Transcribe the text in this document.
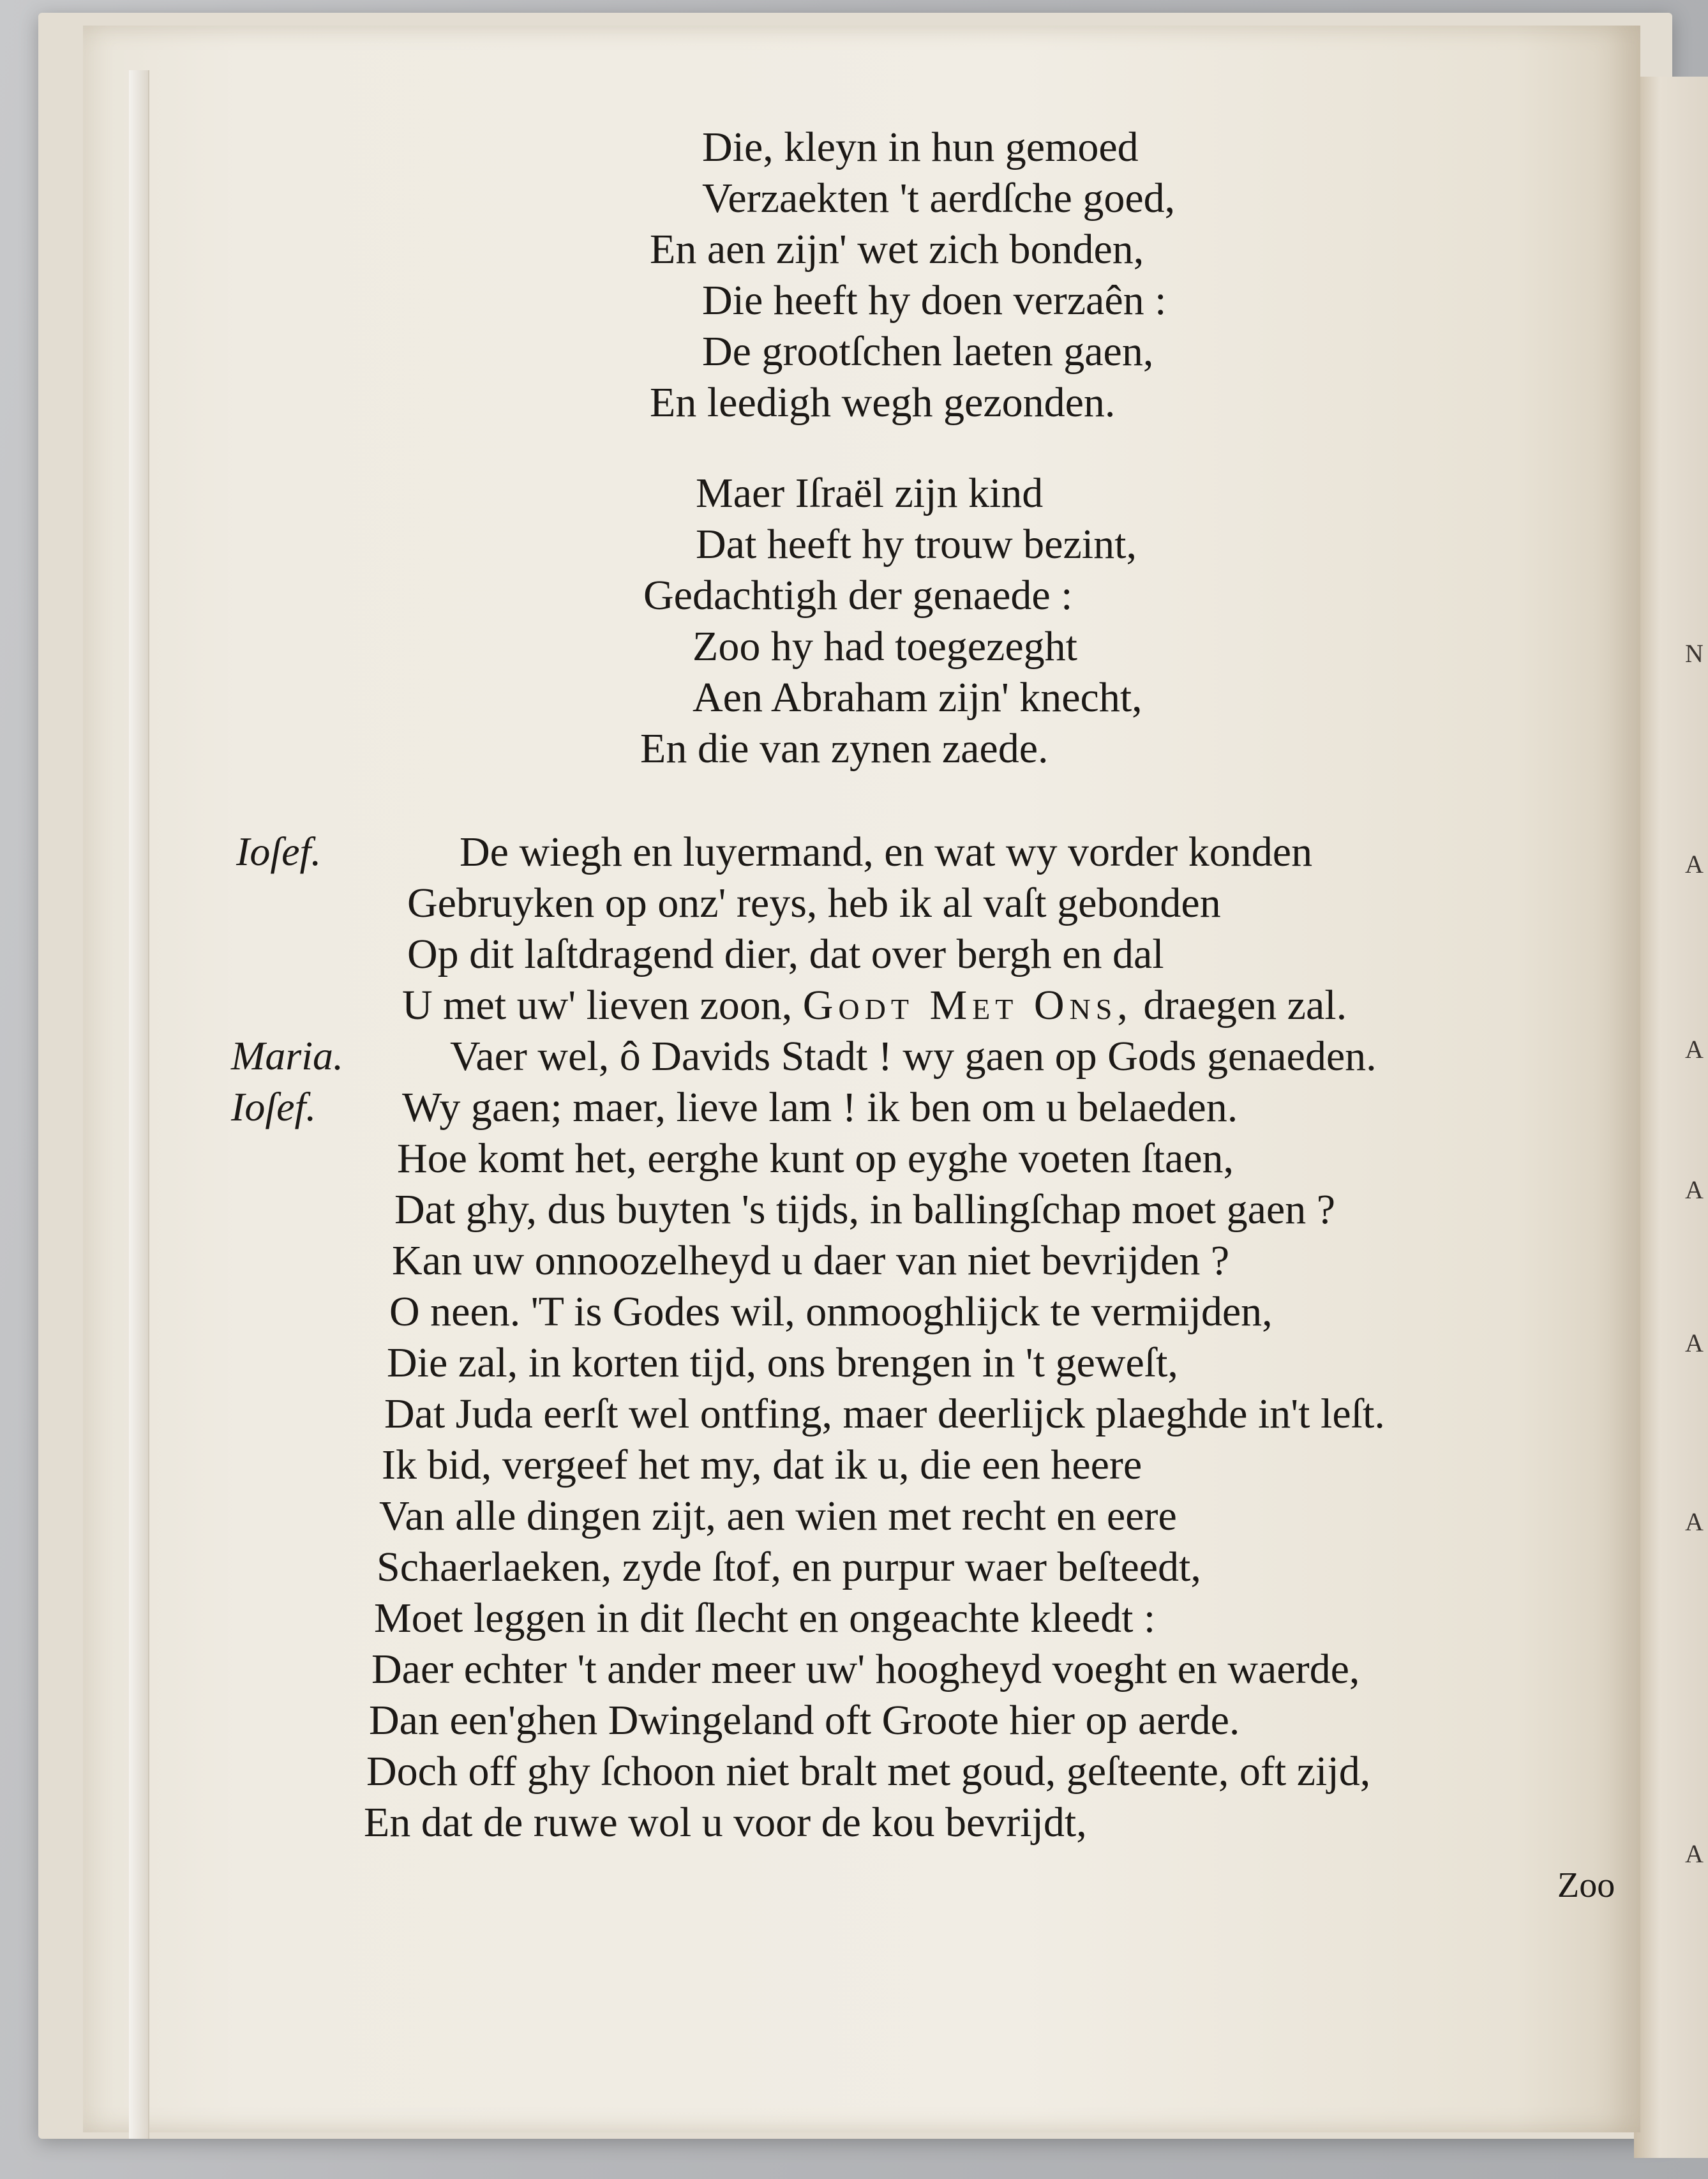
N
A
A
A
A
A
A
Die, kleyn in hun gemoed
Verzaekten 't aerdſche goed,
En aen zijn' wet zich bonden,
Die heeft hy doen verzaên :
De grootſchen laeten gaen,
En leedigh wegh gezonden.
Maer Iſraël zijn kind
Dat heeft hy trouw bezint,
Gedachtigh der genaede :
Zoo hy had toegezeght
Aen Abraham zijn' knecht,
En die van zynen zaede.
Ioſef.
Maria.
Ioſef.
De wiegh en luyermand, en wat wy vorder konden
Gebruyken op onz' reys, heb ik al vaſt gebonden
Op dit laſtdragend dier, dat over bergh en dal
U met uw' lieven zoon, Godt Met Ons, draegen zal.
Vaer wel, ô Davids Stadt ! wy gaen op Gods genaeden.
Wy gaen; maer, lieve lam ! ik ben om u belaeden.
Hoe komt het, eerghe kunt op eyghe voeten ſtaen,
Dat ghy, dus buyten 's tijds, in ballingſchap moet gaen ?
Kan uw onnoozelheyd u daer van niet bevrijden ?
O neen. 'T is Godes wil, onmooghlijck te vermijden,
Die zal, in korten tijd, ons brengen in 't geweſt,
Dat Juda eerſt wel ontfing, maer deerlijck plaeghde in't leſt.
Ik bid, vergeef het my, dat ik u, die een heere
Van alle dingen zijt, aen wien met recht en eere
Schaerlaeken, zyde ſtof, en purpur waer beſteedt,
Moet leggen in dit ſlecht en ongeachte kleedt :
Daer echter 't ander meer uw' hoogheyd voeght en waerde,
Dan een'ghen Dwingeland oft Groote hier op aerde.
Doch off ghy ſchoon niet bralt met goud, geſteente, oft zijd,
En dat de ruwe wol u voor de kou bevrijdt,
Zoo
